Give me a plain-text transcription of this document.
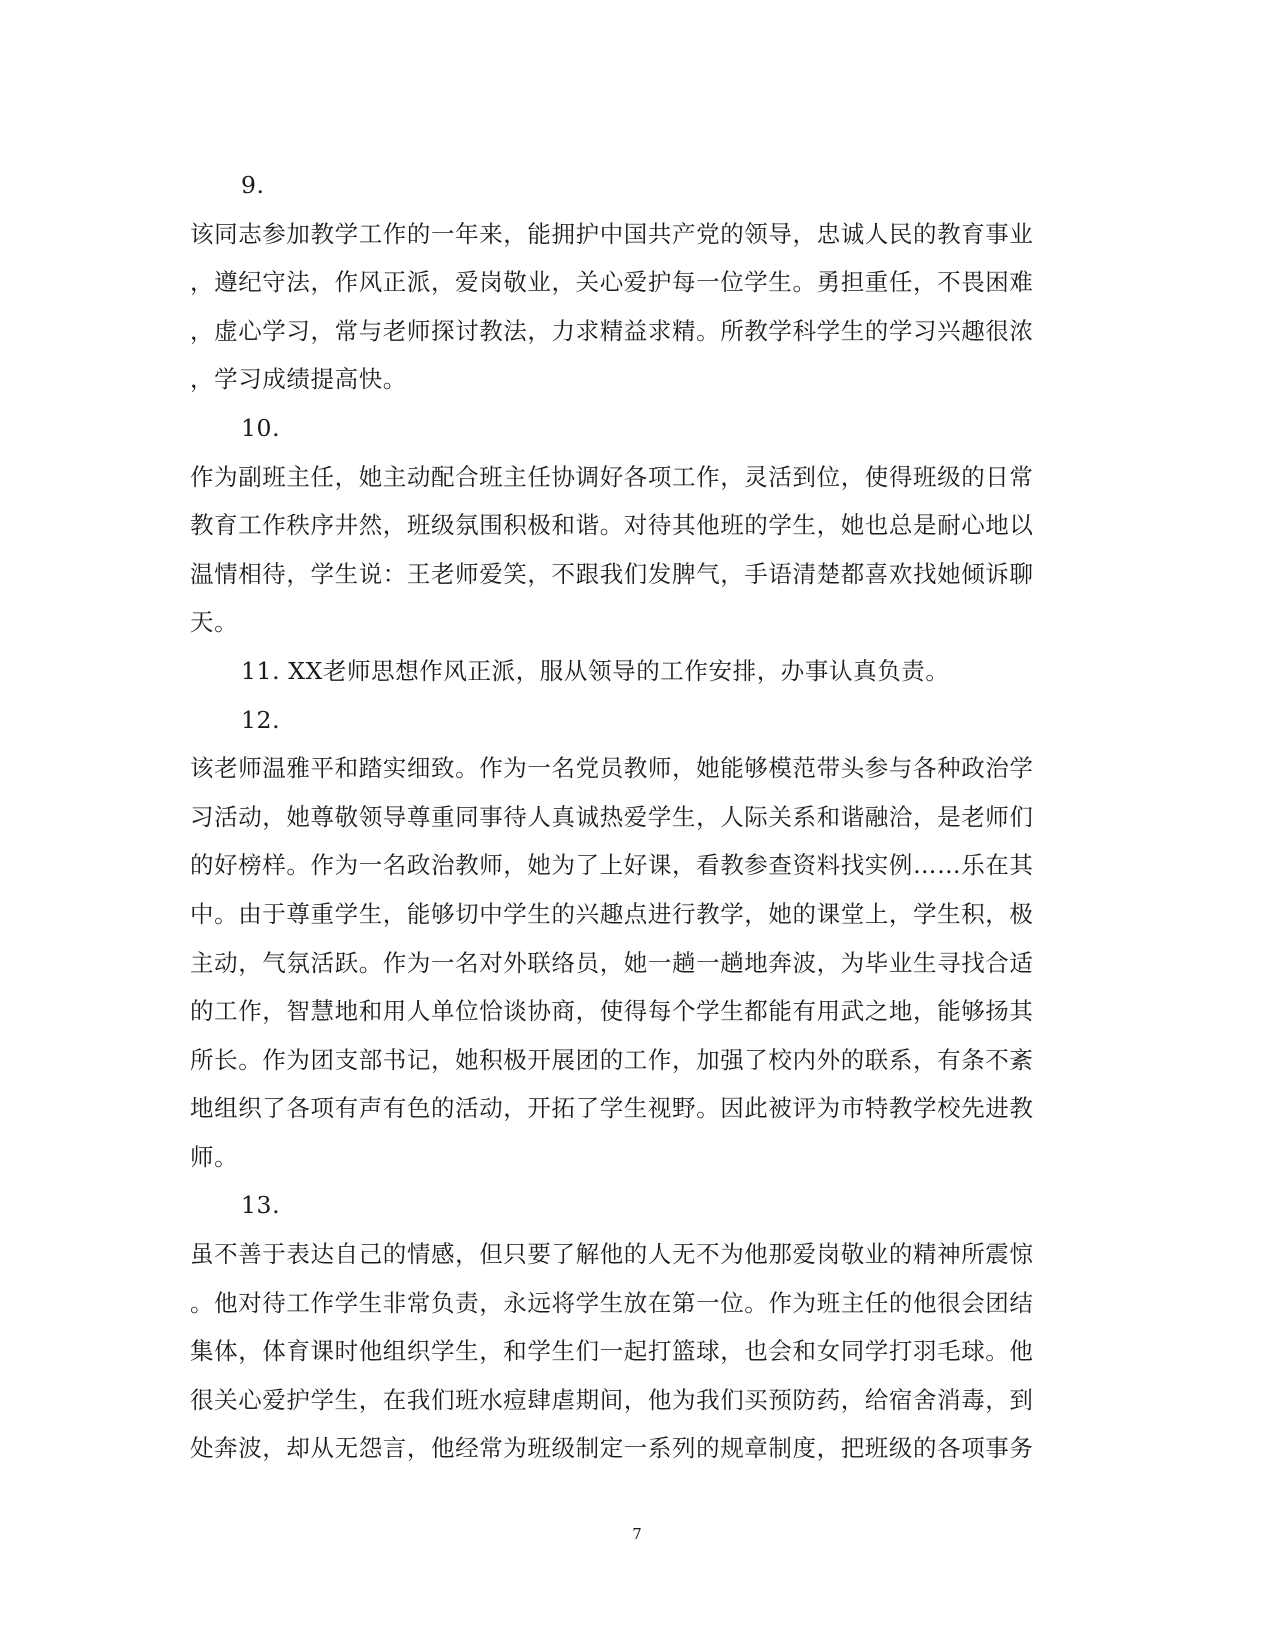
9.
该同志参加教学工作的一年来，能拥护中国共产党的领导，忠诚人民的教育事业
，遵纪守法，作风正派，爱岗敬业，关心爱护每一位学生。勇担重任，不畏困难
，虚心学习，常与老师探讨教法，力求精益求精。所教学科学生的学习兴趣很浓
，学习成绩提高快。
10.
作为副班主任，她主动配合班主任协调好各项工作，灵活到位，使得班级的日常
教育工作秩序井然，班级氛围积极和谐。对待其他班的学生，她也总是耐心地以
温情相待，学生说：王老师爱笑，不跟我们发脾气，手语清楚都喜欢找她倾诉聊
天。
11. XX老师思想作风正派，服从领导的工作安排，办事认真负责。
12.
该老师温雅平和踏实细致。作为一名党员教师，她能够模范带头参与各种政治学
习活动，她尊敬领导尊重同事待人真诚热爱学生，人际关系和谐融洽，是老师们
的好榜样。作为一名政治教师，她为了上好课，看教参查资料找实例……乐在其
中。由于尊重学生，能够切中学生的兴趣点进行教学，她的课堂上，学生积，极
主动，气氛活跃。作为一名对外联络员，她一趟一趟地奔波，为毕业生寻找合适
的工作，智慧地和用人单位恰谈协商，使得每个学生都能有用武之地，能够扬其
所长。作为团支部书记，她积极开展团的工作，加强了校内外的联系，有条不紊
地组织了各项有声有色的活动，开拓了学生视野。因此被评为市特教学校先进教
师。
13.
虽不善于表达自己的情感，但只要了解他的人无不为他那爱岗敬业的精神所震惊
。他对待工作学生非常负责，永远将学生放在第一位。作为班主任的他很会团结
集体，体育课时他组织学生，和学生们一起打篮球，也会和女同学打羽毛球。他
很关心爱护学生，在我们班水痘肆虐期间，他为我们买预防药，给宿舍消毒，到
处奔波，却从无怨言，他经常为班级制定一系列的规章制度，把班级的各项事务
7
